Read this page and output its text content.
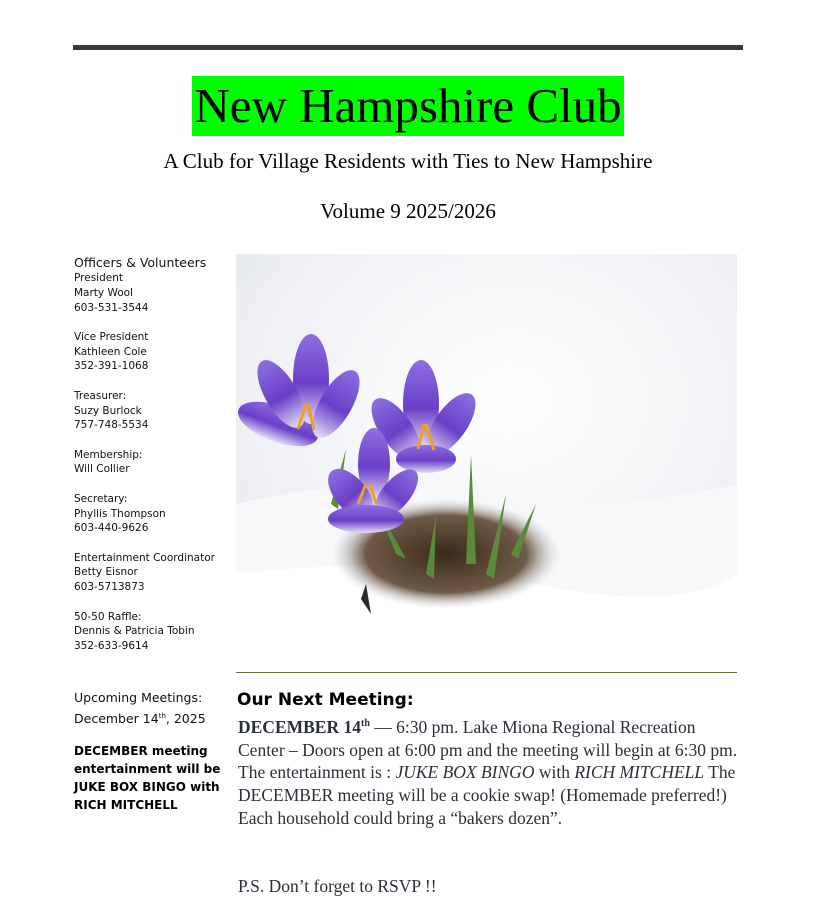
New Hampshire Club
A Club for Village Residents with Ties to New Hampshire
Volume 9 2025/2026
Officers & Volunteers
President
Marty Wool
603-531-3544
Vice President
Kathleen Cole
352-391-1068
Treasurer:
Suzy Burlock
757-748-5534
Membership:
Will Collier
Secretary:
Phyllis Thompson
603-440-9626
Entertainment Coordinator
Betty Eisnor
603-5713873
50-50 Raffle:
Dennis & Patricia Tobin
352-633-9614
Upcoming Meetings:
December 14th, 2025
DECEMBER meeting entertainment will be JUKE BOX BINGO with RICH MITCHELL
Our Next Meeting:
DECEMBER 14th — 6:30 pm. Lake Miona Regional Recreation Center – Doors open at 6:00 pm and the meeting will begin at 6:30 pm. The entertainment is : JUKE BOX BINGO with RICH MITCHELL The DECEMBER meeting will be a cookie swap! (Homemade preferred!) Each household could bring a “bakers dozen”.
P.S. Don’t forget to RSVP !!
